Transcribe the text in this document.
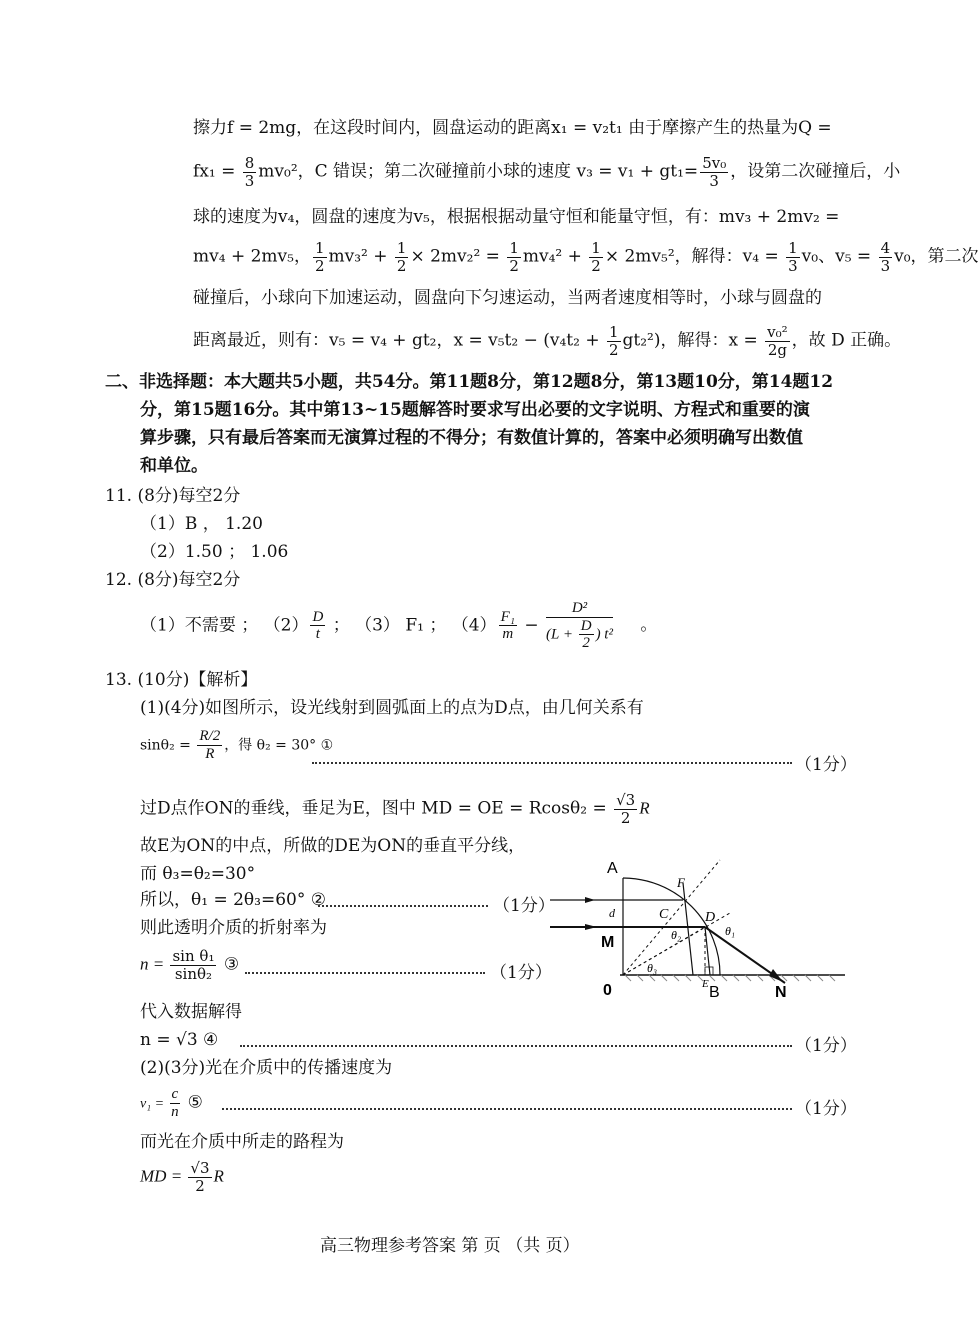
擦力f = 2mg，在这段时间内，圆盘运动的距离x₁ = v₂t₁ 由于摩擦产生的热量为Q =
$fx_1 = \frac{8}{3} mv_0^2$，C 错误；第二次碰撞前小球的速度 $v_3 = v_1 + gt_1= \frac{\text{5v₀}}{3}$ ，设第二次碰撞后，小
球的速度为v₄，圆盘的速度为v₅，根据根据动量守恒和能量守恒，有：mv₃ + 2mv₂ =
mv₄ + 2mv₅， $\frac{1}{2} mv_3^2 + \frac{1}{2} \times 2mv_2^2 = \frac{1}{2} mv_4^2 + \frac{1}{2} \times 2mv_5^2$，解得：$v_4 = \frac{1}{3} v_0$、$v_5 = \frac{4}{3} v_0$，第二次
碰撞后，小球向下加速运动，圆盘向下匀速运动，当两者速度相等时，小球与圆盘的
距离最近，则有：v₅ = v₄ + gt₂，$x = v_5t_2 - (v_4t_2 + \frac{1}{2} gt_2^2)$，解得：$x = \frac{\text{v₀²}}{2g}$ ，故 D 正确。
二、非选择题：本大题共5小题，共54分。第11题8分，第12题8分，第13题10分，第14题12
分，第15题16分。其中第13~15题解答时要求写出必要的文字说明、方程式和重要的演
算步骤，只有最后答案而无演算过程的不得分；有数值计算的，答案中必须明确写出数值
和单位。
11. (8分)每空2分
（1）B ， 1.20
（2）1.50 ； 1.06
12. (8分)每空2分
（1）不需要 ； $(2) \frac{D}{t}$ ； （3） F₁ ； $(4) \frac{\text{F₁}}{m} - \frac{\text{D²}}{(L + \frac{D}{2} ) t^2}$ 。
13. (10分)【解析】
(1)(4分)如图所示，设光线射到圆弧面上的点为D点，由几何关系有
$\sin\theta_2 = \frac{R/2}{R}$ ，得 θ₂ = 30° ①
（1分）
过D点作ON的垂线，垂足为E，图中 MD = OE = $Rcos\theta_2 = \frac{√3}{2}$ R
故E为ON的中点，所做的DE为ON的垂直平分线，
而 θ₃=θ₂=30°
所以，θ₁ = 2θ₃=60° ②	（1分）
则此透明介质的折射率为
$n = \frac{\text{sin θ₁}}{\text{sinθ₂}}$ ③	（1分）
代入数据解得
n = √3 ④	（1分）
(2)(3分)光在介质中的传播速度为
$v_1 = \frac{c}{n}$ ⑤	（1分）
而光在介质中所走的路程为
MD = $\frac{√3}{2}$ R
A
F
d	C	D
M
θ₁
θ₂
θ₃
0	E B	N
高三物理参考答案 第 页 （共 页）
